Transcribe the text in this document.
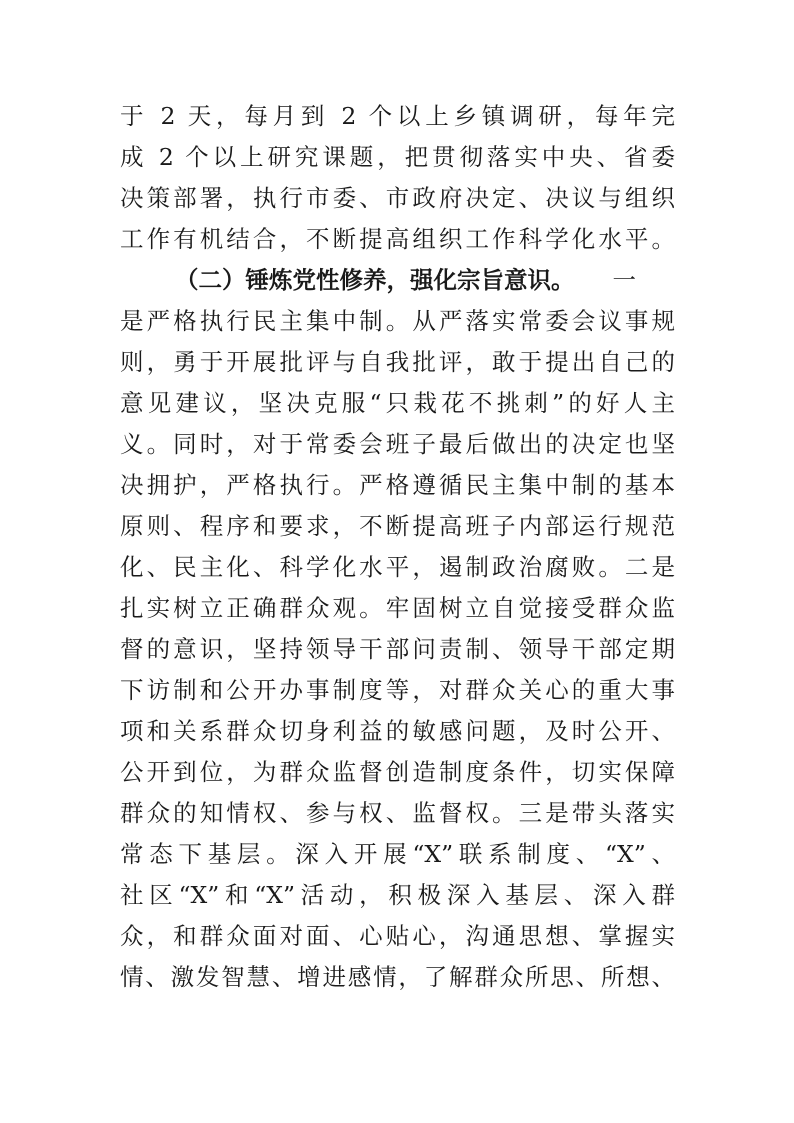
于 2 天，每月到 2 个以上乡镇调研，每年完
成 2 个以上研究课题，把贯彻落实中央、省委
决策部署，执行市委、市政府决定、决议与组织
工作有机结合，不断提高组织工作科学化水平。
（二）锤炼党性修养，强化宗旨意识。 一
是严格执行民主集中制。从严落实常委会议事规
则，勇于开展批评与自我批评，敢于提出自己的
意见建议，坚决克服“只栽花不挑刺”的好人主
义。同时，对于常委会班子最后做出的决定也坚
决拥护，严格执行。严格遵循民主集中制的基本
原则、程序和要求，不断提高班子内部运行规范
化、民主化、科学化水平，遏制政治腐败。二是
扎实树立正确群众观。牢固树立自觉接受群众监
督的意识，坚持领导干部问责制、领导干部定期
下访制和公开办事制度等，对群众关心的重大事
项和关系群众切身利益的敏感问题，及时公开、
公开到位，为群众监督创造制度条件，切实保障
群众的知情权、参与权、监督权。三是带头落实
常态下基层。深入开展“X”联系制度、“X”、
社区“X”和“X”活动，积极深入基层、深入群
众，和群众面对面、心贴心，沟通思想、掌握实
情、激发智慧、增进感情，了解群众所思、所想、
